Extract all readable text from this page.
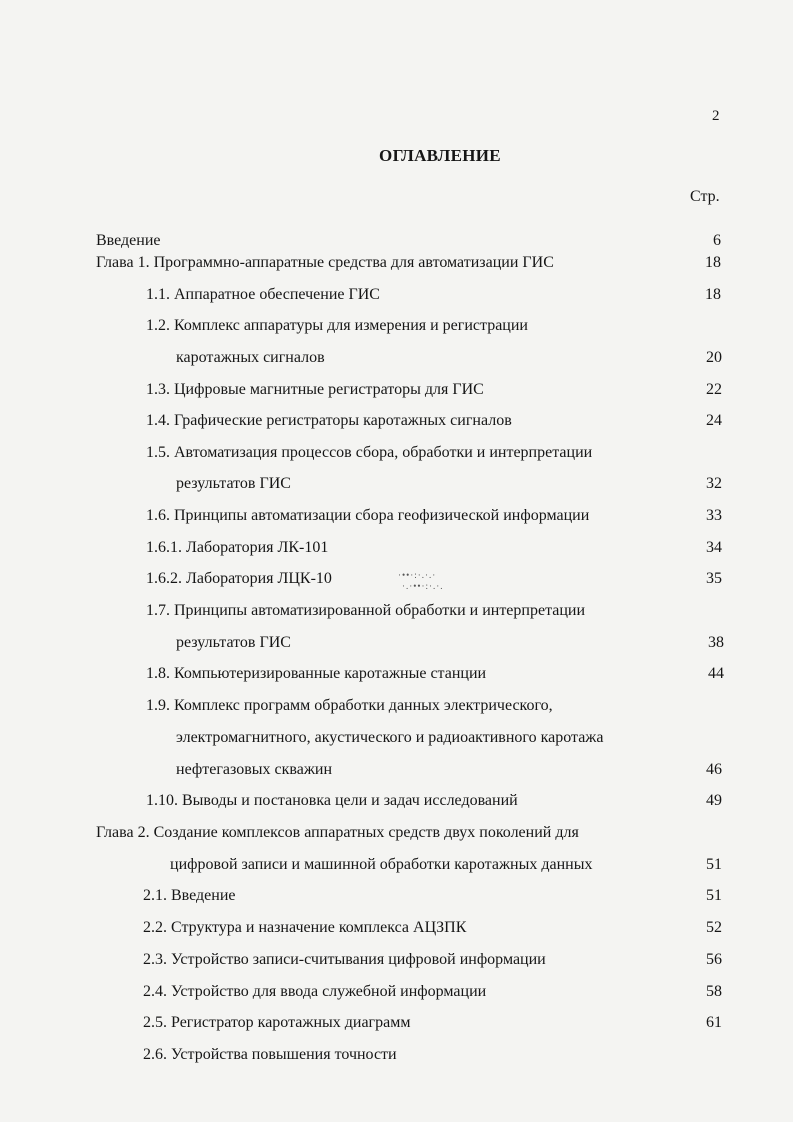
2
ОГЛАВЛЕНИЕ
Стр.
Введение	6
Глава 1. Программно-аппаратные средства для автоматизации ГИС	18
1.1. Аппаратное обеспечение ГИС	18
1.2. Комплекс аппаратуры для измерения и регистрации
каротажных сигналов	20
1.3. Цифровые магнитные регистраторы для ГИС	22
1.4. Графические регистраторы каротажных сигналов	24
1.5. Автоматизация процессов сбора, обработки и интерпретации
результатов ГИС	32
1.6. Принципы автоматизации сбора геофизической информации	33
1.6.1. Лаборатория ЛК-101	34
1.6.2. Лаборатория ЛЦК-10	35
·••·:·.·.·
·.·••·:·.·.
1.7. Принципы автоматизированной обработки и интерпретации
результатов ГИС	38
1.8. Компьютеризированные каротажные станции	44
1.9. Комплекс программ обработки данных электрического,
электромагнитного, акустического и радиоактивного каротажа
нефтегазовых скважин	46
1.10. Выводы и постановка цели и задач исследований	49
Глава 2. Создание комплексов аппаратных средств двух поколений для
цифровой записи и машинной обработки каротажных данных	51
2.1. Введение	51
2.2. Структура и назначение комплекса АЦЗПК	52
2.3. Устройство записи-считывания цифровой информации	56
2.4. Устройство для ввода служебной информации	58
2.5. Регистратор каротажных диаграмм	61
2.6. Устройства повышения точности
